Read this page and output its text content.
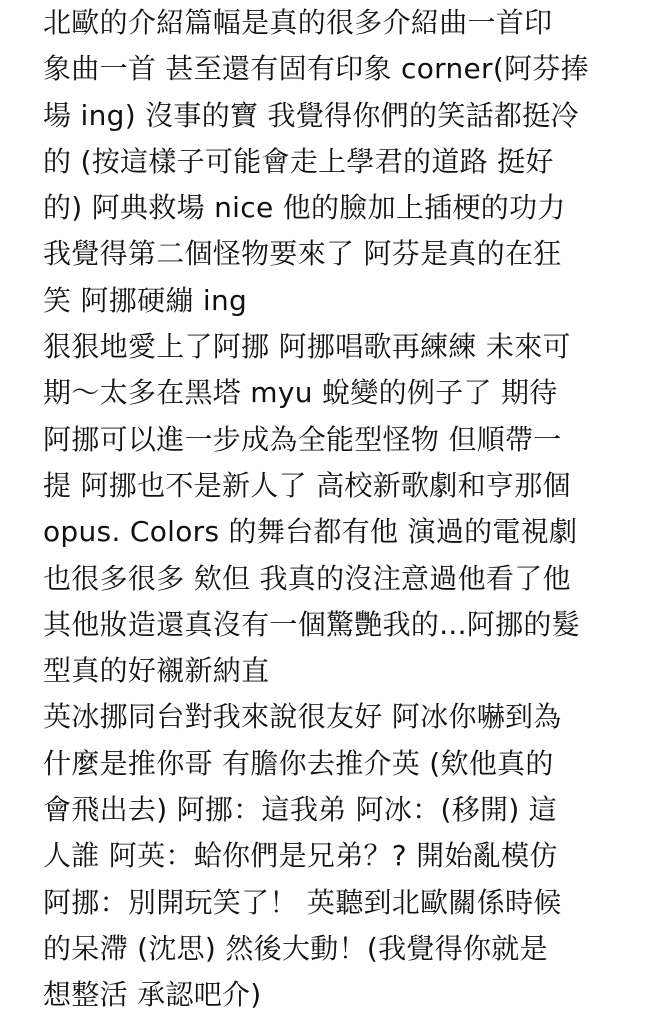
北歐的介紹篇幅是真的很多介紹曲一首印
象曲一首 甚至還有固有印象 corner(阿芬捧
場 ing) 沒事的寶 我覺得你們的笑話都挺冷
的 (按這樣子可能會走上學君的道路 挺好
的) 阿典救場 nice 他的臉加上插梗的功力
我覺得第二個怪物要來了 阿芬是真的在狂
笑 阿挪硬繃 ing
狠狠地愛上了阿挪 阿挪唱歌再練練 未來可
期～太多在黑塔 myu 蛻變的例子了 期待
阿挪可以進一步成為全能型怪物 但順帶一
提 阿挪也不是新人了 高校新歌劇和亨那個
opus. Colors 的舞台都有他 演過的電視劇
也很多很多 欸但 我真的沒注意過他看了他
其他妝造還真沒有一個驚艷我的...阿挪的髮
型真的好襯新納直
英冰挪同台對我來說很友好 阿冰你嚇到為
什麼是推你哥 有膽你去推介英 (欸他真的
會飛出去) 阿挪：這我弟 阿冰：(移開) 這
人誰 阿英：蛤你們是兄弟？? 開始亂模仿
阿挪：別開玩笑了！ 英聽到北歐關係時候
的呆滯 (沈思) 然後大動！(我覺得你就是
想整活 承認吧介)
